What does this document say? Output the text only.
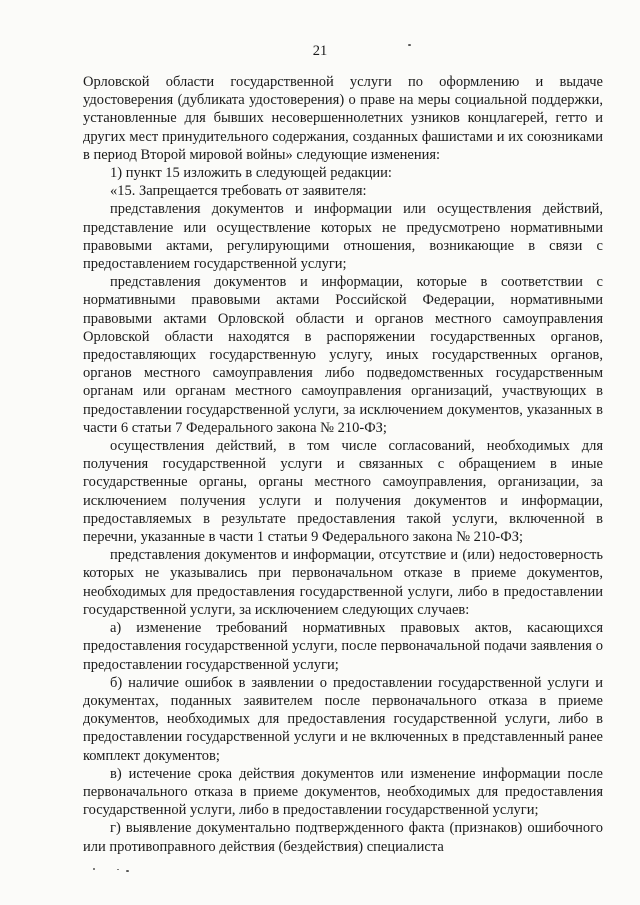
21

Орловской области государственной услуги по оформлению и выдаче удостоверения (дубликата удостоверения) о праве на меры социальной поддержки, установленные для бывших несовершеннолетних узников концлагерей, гетто и других мест принудительного содержания, созданных фашистами и их союзниками в период Второй мировой войны» следующие изменения:

1) пункт 15 изложить в следующей редакции:

«15. Запрещается требовать от заявителя:

представления документов и информации или осуществления действий, представление или осуществление которых не предусмотрено нормативными правовыми актами, регулирующими отношения, возникающие в связи с предоставлением государственной услуги;

представления документов и информации, которые в соответствии с нормативными правовыми актами Российской Федерации, нормативными правовыми актами Орловской области и органов местного самоуправления Орловской области находятся в распоряжении государственных органов, предоставляющих государственную услугу, иных государственных органов, органов местного самоуправления либо подведомственных государственным органам или органам местного самоуправления организаций, участвующих в предоставлении государственной услуги, за исключением документов, указанных в части 6 статьи 7 Федерального закона № 210-ФЗ;

осуществления действий, в том числе согласований, необходимых для получения государственной услуги и связанных с обращением в иные государственные органы, органы местного самоуправления, организации, за исключением получения услуги и получения документов и информации, предоставляемых в результате предоставления такой услуги, включенной в перечни, указанные в части 1 статьи 9 Федерального закона № 210-ФЗ;

представления документов и информации, отсутствие и (или) недостоверность которых не указывались при первоначальном отказе в приеме документов, необходимых для предоставления государственной услуги, либо в предоставлении государственной услуги, за исключением следующих случаев:

а) изменение требований нормативных правовых актов, касающихся предоставления государственной услуги, после первоначальной подачи заявления о предоставлении государственной услуги;

б) наличие ошибок в заявлении о предоставлении государственной услуги и документах, поданных заявителем после первоначального отказа в приеме документов, необходимых для предоставления государственной услуги, либо в предоставлении государственной услуги и не включенных в представленный ранее комплект документов;

в) истечение срока действия документов или изменение информации после первоначального отказа в приеме документов, необходимых для предоставления государственной услуги, либо в предоставлении государственной услуги;

г) выявление документально подтвержденного факта (признаков) ошибочного или противоправного действия (бездействия) специалиста
